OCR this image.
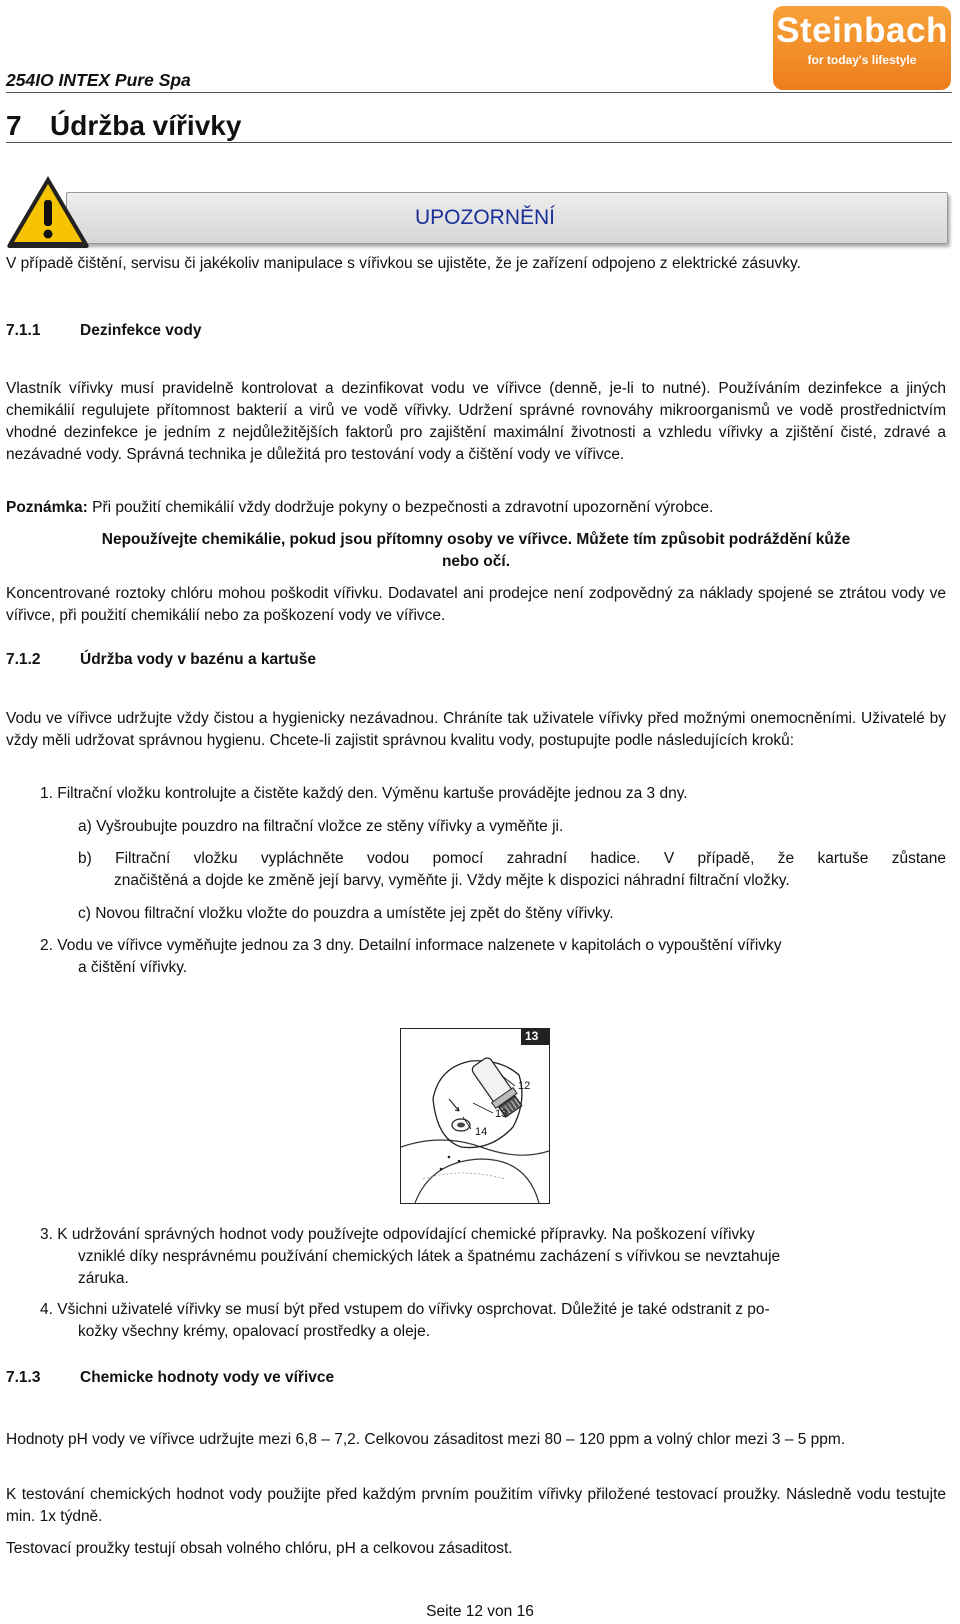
254IO INTEX Pure Spa
Steinbach
for today's lifestyle
7 Údržba vířivky
UPOZORNĚNÍ
V případě čištění, servisu či jakékoliv manipulace s vířivkou se ujistěte, že je zařízení odpojeno z elektrické zásuvky.
7.1.1	Dezinfekce vody
Vlastník vířivky musí pravidelně kontrolovat a dezinfikovat vodu ve vířivce (denně, je-li to nutné). Používáním dezinfekce a jiných chemikálií regulujete přítomnost bakterií a virů ve vodě vířivky. Udržení správné rovnováhy mikroorganismů ve vodě prostřednictvím vhodné dezinfekce je jedním z nejdůležitějších faktorů pro zajištění maximální životnosti a vzhledu vířivky a zjištění čisté, zdravé a nezávadné vody. Správná technika je důležitá pro testování vody a čištění vody ve vířivce.
Poznámka: Při použití chemikálií vždy dodržuje pokyny o bezpečnosti a zdravotní upozornění výrobce.
Nepoužívejte chemikálie, pokud jsou přítomny osoby ve vířivce. Můžete tím způsobit podráždění kůže
nebo očí.
Koncentrované roztoky chlóru mohou poškodit vířivku. Dodavatel ani prodejce není zodpovědný za náklady spojené se ztrátou vody ve vířivce, při použití chemikálií nebo za poškození vody ve vířivce.
7.1.2	Údržba vody v bazénu a kartuše
Vodu ve vířivce udržujte vždy čistou a hygienicky nezávadnou. Chráníte tak uživatele vířivky před možnými onemocněními. Uživatelé by vždy měli udržovat správnou hygienu. Chcete-li zajistit správnou kvalitu vody, postupujte podle následujících kroků:
1. Filtrační vložku kontrolujte a čistěte každý den. Výměnu kartuše provádějte jednou za 3 dny.
a) Vyšroubujte pouzdro na filtrační vložce ze stěny vířivky a vyměňte ji.
b) Filtrační vložku vypláchněte vodou pomocí zahradní hadice. V případě, že kartuše zůstane
značištěná a dojde ke změně její barvy, vyměňte ji. Vždy mějte k dispozici náhradní filtrační vložky.
c) Novou filtrační vložku vložte do pouzdra a umístěte jej zpět do štěny vířivky.
2. Vodu ve vířivce vyměňujte jednou za 3 dny. Detailní informace nalzenete v kapitolách o vypouštění vířivky
a čištění vířivky.
13
12
13
14
3. K udržování správných hodnot vody používejte odpovídající chemické přípravky. Na poškození vířivky
vzniklé díky nesprávnému používání chemických látek a špatnému zacházení s vířivkou se nevztahuje
záruka.
4. Všichni uživatelé vířivky se musí být před vstupem do vířivky osprchovat. Důležité je také odstranit z po-
kožky všechny krémy, opalovací prostředky a oleje.
7.1.3	Chemicke hodnoty vody ve vířivce
Hodnoty pH vody ve vířivce udržujte mezi 6,8 – 7,2. Celkovou zásaditost mezi 80 – 120 ppm a volný chlor mezi 3 – 5 ppm.
K testování chemických hodnot vody použijte před každým prvním použitím vířivky přiložené testovací proužky. Následně vodu testujte min. 1x týdně.
Testovací proužky testují obsah volného chlóru, pH a celkovou zásaditost.
Seite 12 von 16
